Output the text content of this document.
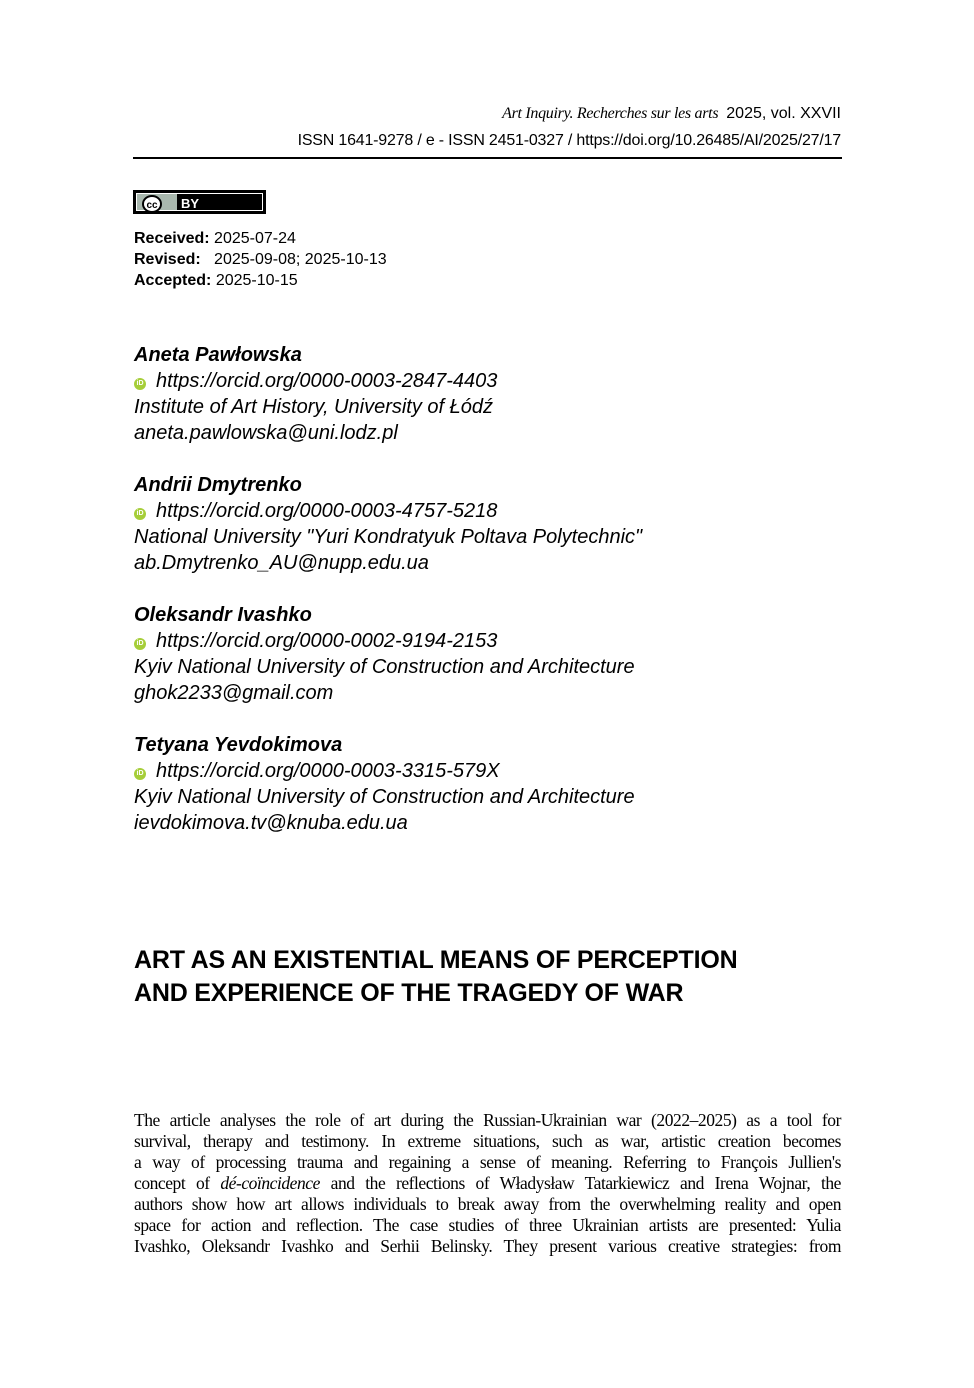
Art Inquiry. Recherches sur les arts 2025, vol. XXVII
ISSN 1641-9278 / e - ISSN 2451-0327 / https://doi.org/10.26485/AI/2025/27/17
cc	BY
Received: 2025-07-24
Revised: 2025-09-08; 2025-10-13
Accepted: 2025-10-15
Aneta Pawłowska
iD https://orcid.org/0000-0003-2847-4403
Institute of Art History, University of Łódź
aneta.pawlowska@uni.lodz.pl
Andrii Dmytrenko
iD https://orcid.org/0000-0003-4757-5218
National University "Yuri Kondratyuk Poltava Polytechnic"
ab.Dmytrenko_AU@nupp.edu.ua
Oleksandr Ivashko
iD https://orcid.org/0000-0002-9194-2153
Kyiv National University of Construction and Architecture
ghok2233@gmail.com
Tetyana Yevdokimova
iD https://orcid.org/0000-0003-3315-579X
Kyiv National University of Construction and Architecture
ievdokimova.tv@knuba.edu.ua
ART AS AN EXISTENTIAL MEANS OF PERCEPTION
AND EXPERIENCE OF THE TRAGEDY OF WAR
The article analyses the role of art during the Russian-Ukrainian war (2022–2025) as a tool for
survival, therapy and testimony. In extreme situations, such as war, artistic creation becomes
a way of processing trauma and regaining a sense of meaning. Referring to François Jullien's
concept of dé-coïncidence and the reflections of Władysław Tatarkiewicz and Irena Wojnar, the
authors show how art allows individuals to break away from the overwhelming reality and open
space for action and reflection. The case studies of three Ukrainian artists are presented: Yulia
Ivashko, Oleksandr Ivashko and Serhii Belinsky. They present various creative strategies: from
